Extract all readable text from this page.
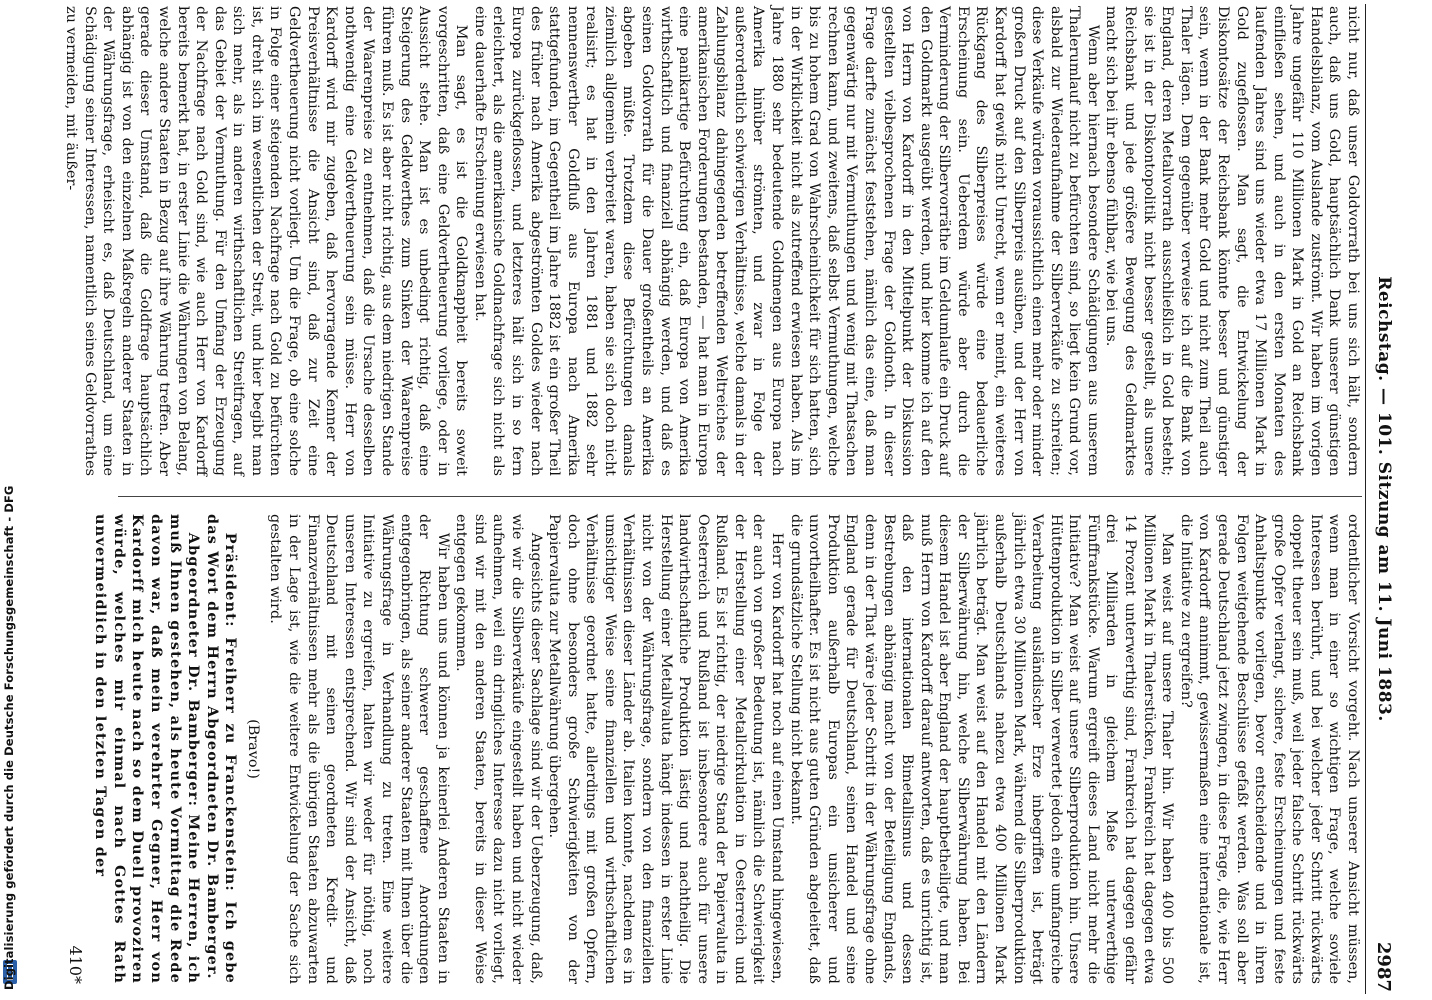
Digitalisierung gefördert durch die Deutsche Forschungsgemeinschaft - DFG	Reichstag. — 101. Sitzung am 11. Juni 1883.
2987

nicht nur, daß unser Goldvorrath bei uns sich hält, sondern auch, daß uns Gold, hauptsächlich Dank unserer günstigen Handelsbilanz, vom Auslande zuströmt. Wir haben im vorigen Jahre ungefähr 110 Millionen Mark in Gold an Reichsbank einfließen sehen, und auch in den ersten Monaten des laufenden Jahres sind uns wieder etwa 17 Millionen Mark in Gold zugeflossen. Man sagt, die Entwickelung der Diskontosätze der Reichsbank könnte besser und günstiger sein, wenn in der Bank mehr Gold und nicht zum Theil auch Thaler lägen. Dem gegenüber verweise ich auf die Bank von England, deren Metallvorrath ausschließlich in Gold besteht; sie ist in der Diskontopolitik nicht besser gestellt, als unsere Reichsbank und jede größere Bewegung des Geldmarktes macht sich bei ihr ebenso fühlbar, wie bei uns.

Wenn aber hiernach besondere Schädigungen aus unserem Thalerumlauf nicht zu befürchten sind, so liegt kein Grund vor, alsbald zur Wiederaufnahme der Silberverkäufe zu schreiten; diese Verkäufe würden voraussichtlich einen mehr oder minder großen Druck auf den Silberpreis ausüben, und der Herr von Kardorff hat gewiß nicht Unrecht, wenn er meint, ein weiteres Rückgang des Silberpreises würde eine bedauerliche Erscheinung sein. Ueberdem würde aber durch die Verminderung der Silbervorräthe im Geldumlaufe ein Druck auf den Goldmarkt ausgeübt werden, und hier komme ich auf den von Herrn von Kardorff in den Mittelpunkt der Diskussion gestellten vielbesprochenen Frage der Goldnoth. In dieser Frage darfte zunächst feststehen, nämlich das eine, daß man gegenwärtig nur mit Vermuthungen und wenig mit Thatsachen rechnen kann, und zweitens, daß selbst Vermuthungen, welche bis zu hohem Grad von Wahrscheinlichkeit für sich hatten, sich in der Wirklichkeit nicht als zutreffend erwiesen haben. Als im Jahre 1880 sehr bedeutende Goldmengen aus Europa nach Amerika hinüber strömten, und zwar in Folge der außerordentlich schwierigen Verhältnisse, welche damals in der Zahlungsbilanz dahingegenden betreffenden Weltreiches der amerikanischen Forderungen bestanden, — hat man in Europa eine panikartige Befürchtung ein, daß Europa von Amerika wirthschaftlich und finanziell abhängig werden, und daß es seinen Goldvorrath für die Dauer großentheils an Amerika abgeben müßte. Trotzdem diese Befürchtungen damals ziemlich allgemein verbreitet waren, haben sie sich doch nicht realisirt; es hat in den Jahren 1881 und 1882 sehr nennenswerther Goldfluß aus Europa nach Amerika stattgefunden, im Gegentheil im Jahre 1882 ist ein großer Theil des früher nach Amerika abgeströmten Goldes wieder nach Europa zurückgeflossen, und letzteres hält sich in so fern erleichtert, als die amerikanische Goldnachfrage sich nicht als eine dauerhafte Erscheinung erwiesen hat.

Man sagt, es ist die Goldknappheit bereits soweit vorgeschritten, daß eine Geldvertheuerung vorliege, oder in Aussicht stehe. Man ist es unbedingt richtig, daß eine Steigerung des Geldwerthes zum Sinken der Waarenpreise führen muß. Es ist aber nicht richtig, aus dem niedrigen Stande der Waarenpreise zu entnehmen, daß die Ursache desselben nothwendig eine Geldvertheuerung sein müsse. Herr von Kardorff wird mir zugeben, daß hervorragende Kenner der Preisverhältnisse die Ansicht sind, daß zur Zeit eine Geldvertheuerung nicht vorliegt. Um die Frage, ob eine solche in Folge einer steigenden Nachfrage nach Gold zu befürchten ist, dreht sich im wesentlichen der Streit, und hier begibt man sich mehr, als in anderen wirthschaftlichen Streitfragen, auf das Gebiet der Vermuthung. Für den Umfang der Erzeugung der Nachfrage nach Gold sind, wie auch Herr von Kardorff bereits bemerkt hat, in erster Linie die Währungen von Belang, welche andere Staaten in Bezug auf ihre Währung treffen. Aber gerade dieser Umstand, daß die Goldfrage hauptsächlich abhängig ist von den einzelnen Maßregeln anderer Staaten in der Währungsfrage, erheischt es, daß Deutschland, um eine Schädigung seiner Interessen, namentlich seines Geldvorrathes zu vermeiden, mit äußer-

ordentlicher Vorsicht vorgeht. Nach unserer Ansicht müssen, wenn man in einer so wichtigen Frage, welche soviele Interessen berührt, und bei welcher jeder Schritt rückwärts doppelt theuer sein muß, weil jeder falsche Schritt rückwärts große Opfer verlangt, sichere, feste Erscheinungen und feste Anhaltspunkte vorliegen, bevor entscheidende und in ihren Folgen weitgehende Beschlüsse gefaßt werden. Was soll aber gerade Deutschland jetzt zwingen, in diese Frage, die, wie Herr von Kardorff annimmt, gewissermaßen eine internationale ist, die Initiative zu ergreifen?

Man weist auf unsere Thaler hin. Wir haben 400 bis 500 Millionen Mark in Thalerstücken, Frankreich hat dagegen etwa 14 Prozent unterwerthig sind, Frankreich hat dagegen gefähr drei Milliarden in gleichem Maße unterwerthige Fünffrankstücke. Warum ergreift dieses Land nicht mehr die Initiative? Man weist auf unsere Silberproduktion hin. Unsere Hüttenproduktion in Silber verwertet jedoch eine umfangreiche Verarbeitung ausländischer Erze inbegriffen ist, beträgt jährlich etwa 30 Millionen Mark, während die Silberproduktion außerhalb Deutschlands nahezu etwa 400 Millionen Mark jährlich beträgt. Man weist auf den Handel mit den Ländern der Silberwährung hin, welche Silberwährung haben. Bei diesem Handel ist aber England der hauptbetheiligte, und man muß Herrn von Kardorff darauf antworten, daß es unrichtig ist, daß den internationalen Bimetallismus und dessen Bestrebungen abhängig macht von der Beteiligung Englands, denn in der That wäre jeder Schritt in der Währungsfrage ohne England gerade für Deutschland, seinen Handel und seine Produktion außerhalb Europas ein unsicherer und unvortheilhafter. Es ist nicht aus guten Gründen abgeleitet, daß die grundsätzliche Stellung nicht bekannt.

Herr von Kardorff hat noch auf einen Umstand hingewiesen, der auch von großer Bedeutung ist, nämlich die Schwierigkeit der Herstellung einer Metallcirkulation in Oesterreich und Rußland. Es ist richtig, der niedrige Stand der Papiervaluta in Oesterreich und Rußland ist insbesondere auch für unsere landwirthschaftliche Produktion lästig und nachtheilig. Die Herstellung einer Metallvaluta hängt indessen in erster Linie nicht von der Währungsfrage, sondern von den finanziellen Verhältnissen dieser Länder ab. Italien konnte, nachdem es in umsichtiger Weise seine finanziellen und wirthschaftlichen Verhältnisse geordnet hatte, allerdings mit großen Opfern, doch ohne besonders große Schwierigkeiten von der Papiervaluta zur Metallwährung übergehen.

Angesichts dieser Sachlage sind wir der Ueberzeugung, daß, wie wir die Silberverkäufe eingestellt haben und nicht wieder aufnehmen, weil ein dringliches Interesse dazu nicht vorliegt, sind wir mit den anderen Staaten, bereits in dieser Weise entgegen gekommen.

Wir haben uns und können ja keinerlei Anderen Staaten in der Richtung schwerer geschaffene Anordnungen entgegenbringen, als seiner anderer Staaten mit Ihnen über die Währungsfrage in Verhandlung zu treten. Eine weitere Initiative zu ergreifen, halten wir weder für nöthig, noch unseren Interessen entsprechend. Wir sind der Ansicht, daß Deutschland mit seinen geordneten Kredit- und Finanzverhältnissen mehr als die übrigen Staaten abzuwarten in der Lage ist, wie die weitere Entwickelung der Sache sich gestalten wird.

(Bravo!)

Präsident: Freiherr zu Franckenstein: Ich gebe das Wort dem Herrn Abgeordneten Dr. Bamberger.

Abgeordneter Dr. Bamberger: Meine Herren, ich muß Ihnen gestehen, als heute Vormittag die Rede davon war, daß mein verehrter Gegner, Herr von Kardorff mich heute nach so dem Duell provoziren würde, welches mir einmal nach Gottes Rath unvermeidlich in den letzten Tagen der

410*
